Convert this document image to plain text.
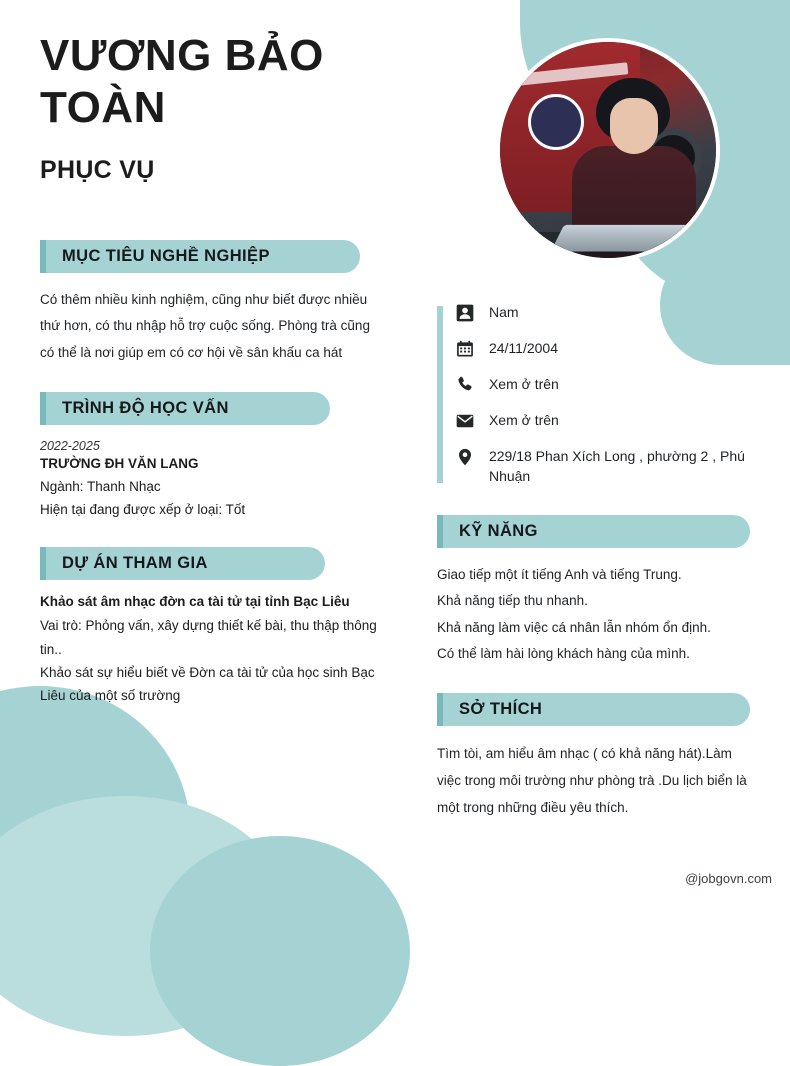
VƯƠNG BẢO TOÀN
PHỤC VỤ
MỤC TIÊU NGHỀ NGHIỆP
Có thêm nhiều kinh nghiệm, cũng như biết được nhiều thứ hơn, có thu nhập hỗ trợ cuộc sống. Phòng trà cũng có thể là nơi giúp em có cơ hội về sân khấu ca hát
TRÌNH ĐỘ HỌC VẤN
2022-2025
TRƯỜNG ĐH VĂN LANG
Ngành: Thanh Nhạc
Hiện tại đang được xếp ở loại: Tốt
DỰ ÁN THAM GIA
Khảo sát âm nhạc đờn ca tài tử tại tỉnh Bạc Liêu
Vai trò: Phỏng vấn, xây dựng thiết kế bài, thu thập thông tin..
Khảo sát sự hiểu biết về Đờn ca tài tử của học sinh Bạc Liêu của một số trường
Nam
24/11/2004
Xem ở trên
Xem ở trên
229/18 Phan Xích Long , phường 2 , Phú Nhuận
KỸ NĂNG
Giao tiếp một ít tiếng Anh và tiếng Trung.
Khả năng tiếp thu nhanh.
Khả năng làm việc cá nhân lẫn nhóm ổn định.
Có thể làm hài lòng khách hàng của mình.
SỞ THÍCH
Tìm tòi, am hiểu âm nhạc ( có khả năng hát).Làm việc trong môi trường như phòng trà .Du lịch biển là một trong những điều yêu thích.
@jobgovn.com
